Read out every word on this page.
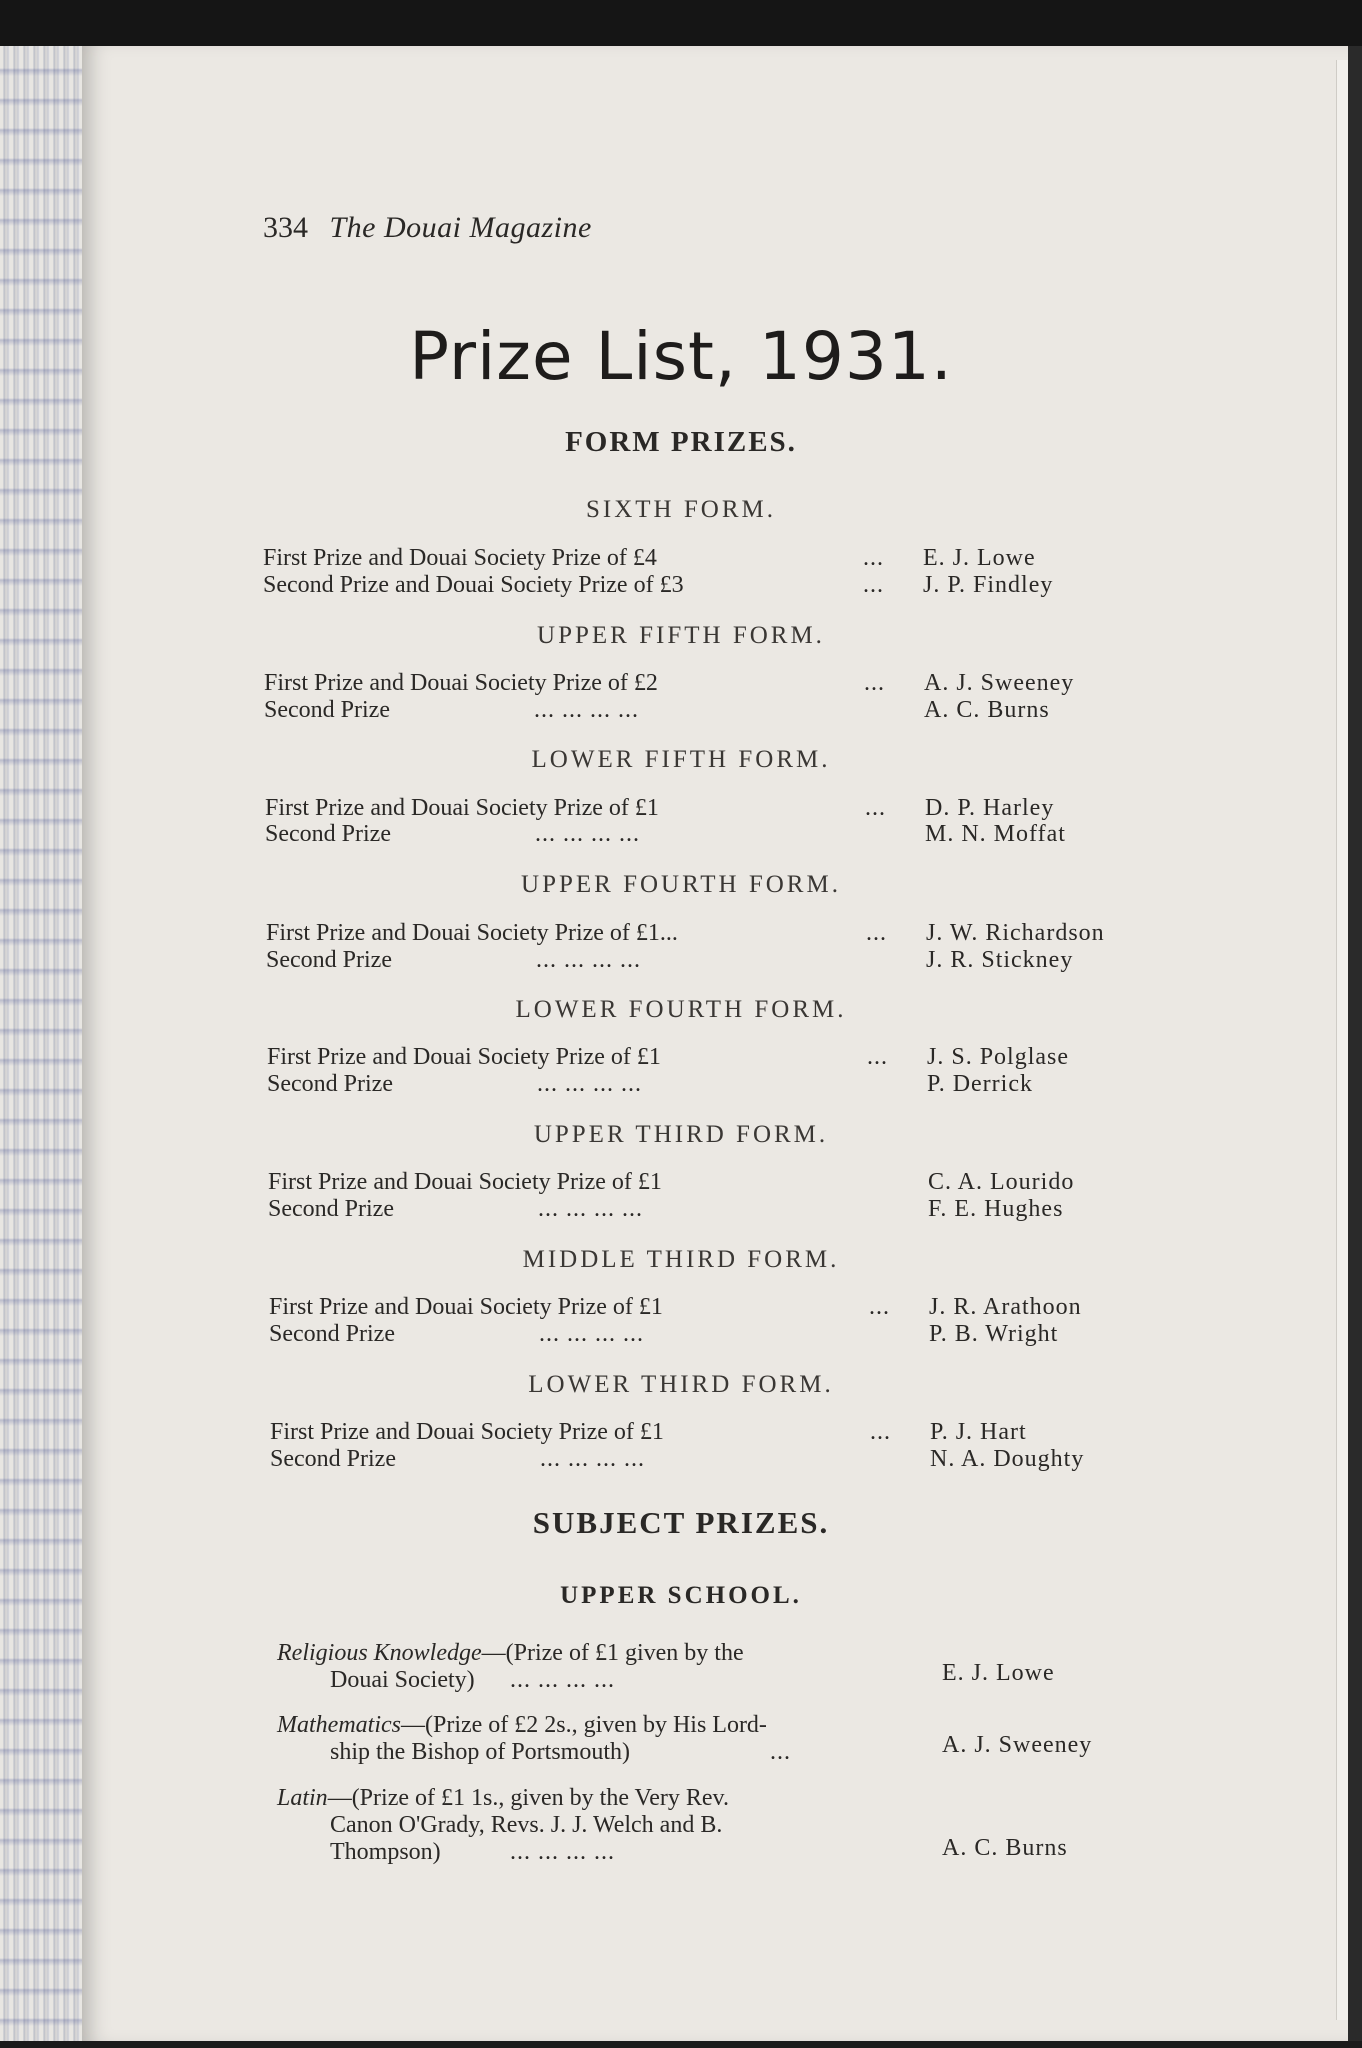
334 The Douai Magazine
Prize List, 1931.
FORM PRIZES.
SIXTH FORM.
First Prize and Douai Society Prize of £4	... E. J. Lowe
Second Prize and Douai Society Prize of £3	... J. P. Findley
UPPER FIFTH FORM.
First Prize and Douai Society Prize of £2	... A. J. Sweeney
Second Prize	... ... ... ...	A. C. Burns
LOWER FIFTH FORM.
First Prize and Douai Society Prize of £1	... D. P. Harley
Second Prize	... ... ... ...	M. N. Moffat
UPPER FOURTH FORM.
First Prize and Douai Society Prize of £1...	... J. W. Richardson
Second Prize	... ... ... ...	J. R. Stickney
LOWER FOURTH FORM.
First Prize and Douai Society Prize of £1	... J. S. Polglase
Second Prize	... ... ... ...	P. Derrick
UPPER THIRD FORM.
First Prize and Douai Society Prize of £1	C. A. Lourido
Second Prize	... ... ... ...	F. E. Hughes
MIDDLE THIRD FORM.
First Prize and Douai Society Prize of £1	... J. R. Arathoon
Second Prize	... ... ... ...	P. B. Wright
LOWER THIRD FORM.
First Prize and Douai Society Prize of £1	... P. J. Hart
Second Prize	... ... ... ...	N. A. Doughty
SUBJECT PRIZES.
UPPER SCHOOL.
Religious Knowledge—(Prize of £1 given by the
Douai Society) ... ... ... ...	E. J. Lowe
Mathematics—(Prize of £2 2s., given by His Lord-
ship the Bishop of Portsmouth)	...	A. J. Sweeney
Latin—(Prize of £1 1s., given by the Very Rev.
Canon O'Grady, Revs. J. J. Welch and B.
Thompson)	... ... ... ...	A. C. Burns
